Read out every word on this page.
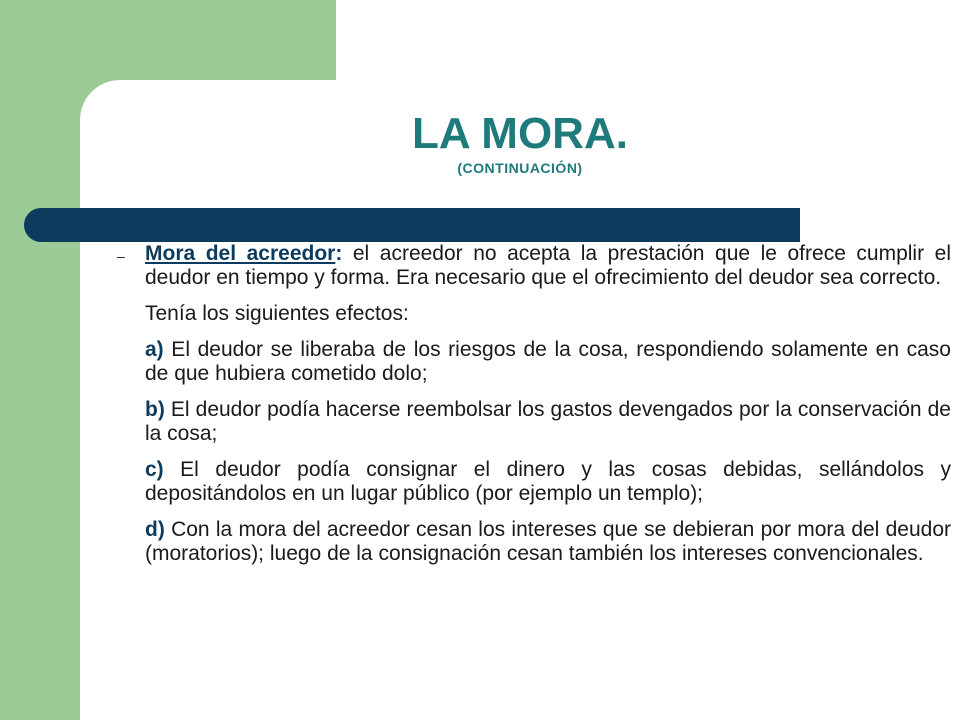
LA MORA.
(CONTINUACIÓN)
– Mora del acreedor: el acreedor no acepta la prestación que le ofrece cumplir el deudor en tiempo y forma. Era necesario que el ofrecimiento del deudor sea correcto.

Tenía los siguientes efectos:

a) El deudor se liberaba de los riesgos de la cosa, respondiendo solamente en caso de que hubiera cometido dolo;

b) El deudor podía hacerse reembolsar los gastos devengados por la conservación de la cosa;

c) El deudor podía consignar el dinero y las cosas debidas, sellándolos y depositándolos en un lugar público (por ejemplo un templo);

d) Con la mora del acreedor cesan los intereses que se debieran por mora del deudor (moratorios); luego de la consignación cesan también los intereses convencionales.
